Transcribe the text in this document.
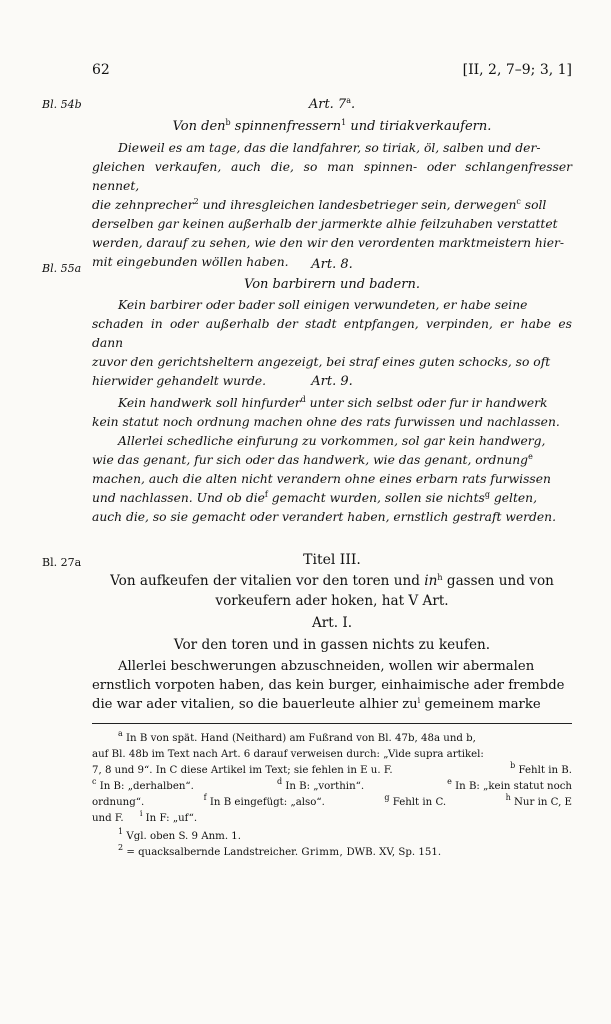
62	[II, 2, 7–9; 3, 1]
Bl. 54b	Art. 7$^a$.
Von den$^b$ spinnenfressern$^1$ und tiriakverkaufern.

Dieweil es am tage, das die landfahrer, so tiriak, öl, salben und der-

gleichen verkaufen, auch die, so man spinnen- oder schlangenfresser nennet,

die zehnprecher$^2$ und ihresgleichen landesbetrieger sein, derwegen$^c$ soll

derselben gar keinen außerhalb der jarmerkte alhie feilzuhaben verstattet

werden, darauf zu sehen, wie den wir den verordenten marktmeistern hier-

mit eingebunden wöllen haben.

Bl. 55a	Art. 8.
Von barbirern und badern.

Kein barbirer oder bader soll einigen verwundeten, er habe seine

schaden in oder außerhalb der stadt entpfangen, verpinden, er habe es dann

zuvor den gerichtsheltern angezeigt, bei straf eines guten schocks, so oft

hierwider gehandelt wurde.	Art. 9.

Kein handwerk soll hinfurder$^d$ unter sich selbst oder fur ir handwerk

kein statut noch ordnung machen ohne des rats furwissen und nachlassen.

Allerlei schedliche einfurung zu vorkommen, sol gar kein handwerg,

wie das genant, fur sich oder das handwerk, wie das genant, ordnung$^e$

machen, auch die alten nicht verandern ohne eines erbarn rats furwissen

und nachlassen. Und ob die$^f$ gemacht wurden, sollen sie nichts$^g$ gelten,

auch die, so sie gemacht oder verandert haben, ernstlich gestraft werden.

Bl. 27a	Titel III.

Von aufkeufen der vitalien vor den toren und $in^h$ gassen und von

vorkeufern ader hoken, hat V Art.

Art. I.
Vor den toren und in gassen nichts zu keufen.

Allerlei beschwerungen abzuschneiden, wollen wir abermalen

ernstlich vorpoten haben, das kein burger, einhaimische ader frembde

die war ader vitalien, so die bauerleute alhier $zu^i$ gemeinem marke

$^a$ In B von spät. Hand (Neithard) am Fußrand von Bl. 47b, 48a und b,

auf Bl. 48b im Text nach Art. 6 darauf verweisen durch: „Vide supra artikel:

7, 8 und 9“. In C diese Artikel im Text; sie fehlen in E u. F.	$^b$ Fehlt in B.
$^c$ In B: „derhalben“.	$^d$ In B: „vorthin“.	$^e$ In B: „kein statut noch
ordnung“.	$^f$ In B eingefügt: „also“.	$^g$ Fehlt in C.	$^h$ Nur in C, E

und F. $^i$ In F: „uf“.

$^1$ Vgl. oben S. 9 Anm. 1.

$^2$ = quacksalbernde Landstreicher. Grimm, DWB. XV, Sp. 151.
